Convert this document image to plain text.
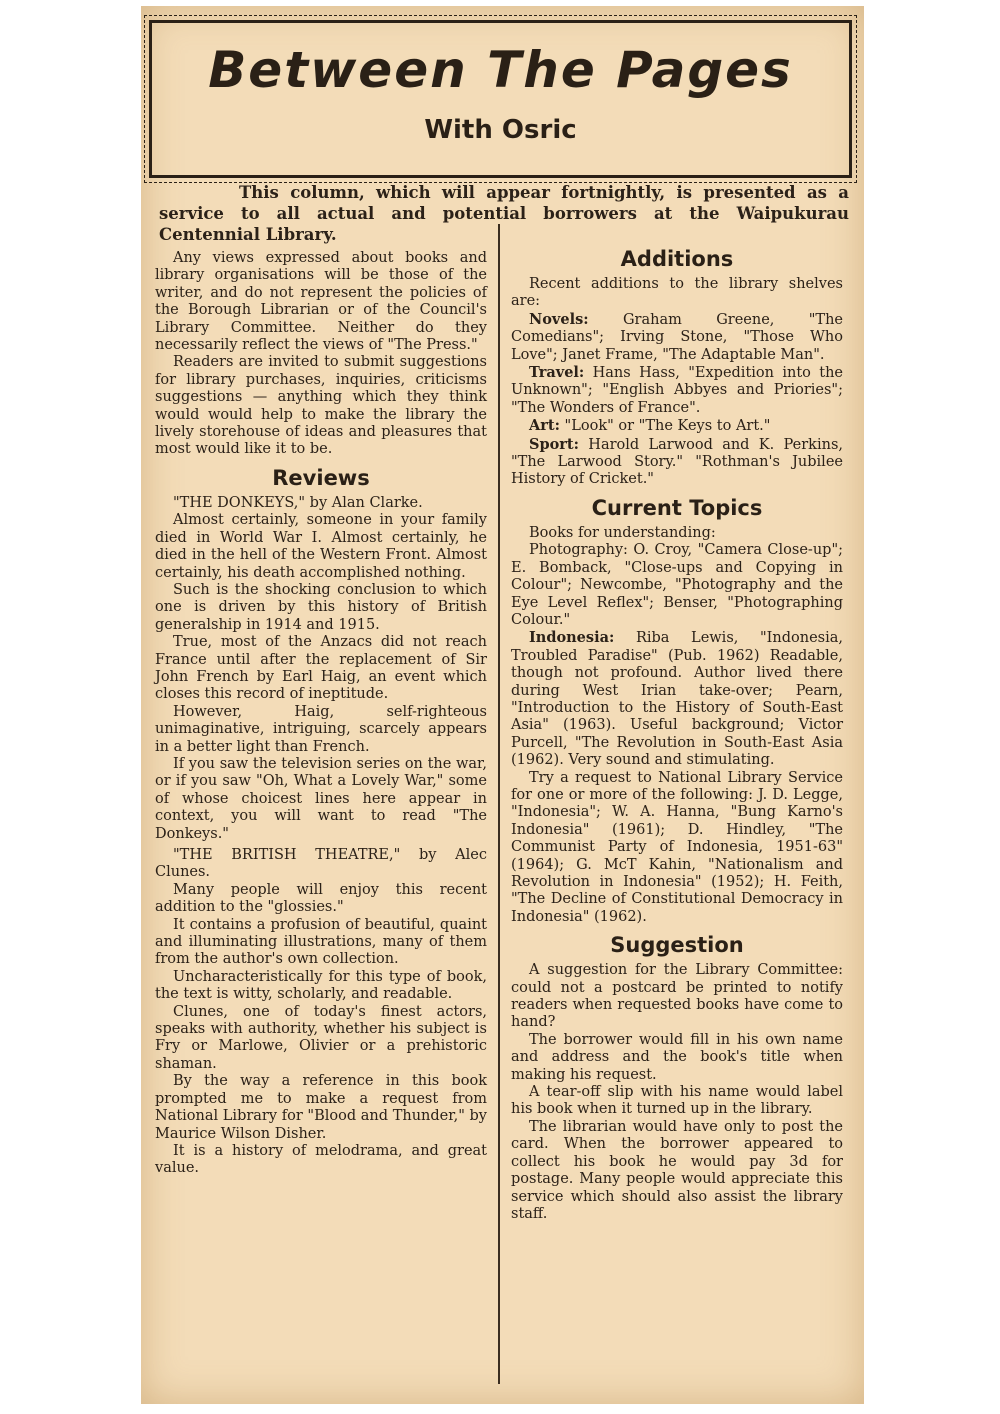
Between The Pages
With Osric

This column, which will appear fortnightly, is presented as a service to all actual and potential borrowers at the Waipukurau Centennial Library.

Any views expressed about books and library organisations will be those of the writer, and do not represent the policies of the Borough Librarian or of the Council's Library Committee. Neither do they necessarily reflect the views of "The Press."

Readers are invited to submit suggestions for library purchases, inquiries, criticisms suggestions — anything which they think would would help to make the library the lively storehouse of ideas and pleasures that most would like it to be.

Reviews

"THE DONKEYS," by Alan Clarke.

Almost certainly, someone in your family died in World War I. Almost certainly, he died in the hell of the Western Front. Almost certainly, his death accomplished nothing.

Such is the shocking conclusion to which one is driven by this history of British generalship in 1914 and 1915.

True, most of the Anzacs did not reach France until after the replacement of Sir John French by Earl Haig, an event which closes this record of ineptitude.

However, Haig, self-righteous unimaginative, intriguing, scarcely appears in a better light than French.

If you saw the television series on the war, or if you saw "Oh, What a Lovely War," some of whose choicest lines here appear in context, you will want to read "The Donkeys."

"THE BRITISH THEATRE," by Alec Clunes.

Many people will enjoy this recent addition to the "glossies."

It contains a profusion of beautiful, quaint and illuminating illustrations, many of them from the author's own collection.

Uncharacteristically for this type of book, the text is witty, scholarly, and readable.

Clunes, one of today's finest actors, speaks with authority, whether his subject is Fry or Marlowe, Olivier or a prehistoric shaman.

By the way a reference in this book prompted me to make a request from National Library for "Blood and Thunder," by Maurice Wilson Disher.

It is a history of melodrama, and great value.

Additions

Recent additions to the library shelves are:

Novels: Graham Greene, "The Comedians"; Irving Stone, "Those Who Love"; Janet Frame, "The Adaptable Man".

Travel: Hans Hass, "Expedition into the Unknown"; "English Abbyes and Priories"; "The Wonders of France".

Art: "Look" or "The Keys to Art."

Sport: Harold Larwood and K. Perkins, "The Larwood Story." "Rothman's Jubilee History of Cricket."

Current Topics

Books for understanding:

Photography: O. Croy, "Camera Close-up"; E. Bomback, "Close-ups and Copying in Colour"; Newcombe, "Photography and the Eye Level Reflex"; Benser, "Photographing Colour."

Indonesia: Riba Lewis, "Indonesia, Troubled Paradise" (Pub. 1962) Readable, though not profound. Author lived there during West Irian take-over; Pearn, "Introduction to the History of South-East Asia" (1963). Useful background; Victor Purcell, "The Revolution in South-East Asia (1962). Very sound and stimulating.

Try a request to National Library Service for one or more of the following: J. D. Legge, "Indonesia"; W. A. Hanna, "Bung Karno's Indonesia" (1961); D. Hindley, "The Communist Party of Indonesia, 1951-63" (1964); G. McT Kahin, "Nationalism and Revolution in Indonesia" (1952); H. Feith, "The Decline of Constitutional Democracy in Indonesia" (1962).

Suggestion

A suggestion for the Library Committee: could not a postcard be printed to notify readers when requested books have come to hand?

The borrower would fill in his own name and address and the book's title when making his request.

A tear-off slip with his name would label his book when it turned up in the library.

The librarian would have only to post the card. When the borrower appeared to collect his book he would pay 3d for postage. Many people would appreciate this service which should also assist the library staff.
